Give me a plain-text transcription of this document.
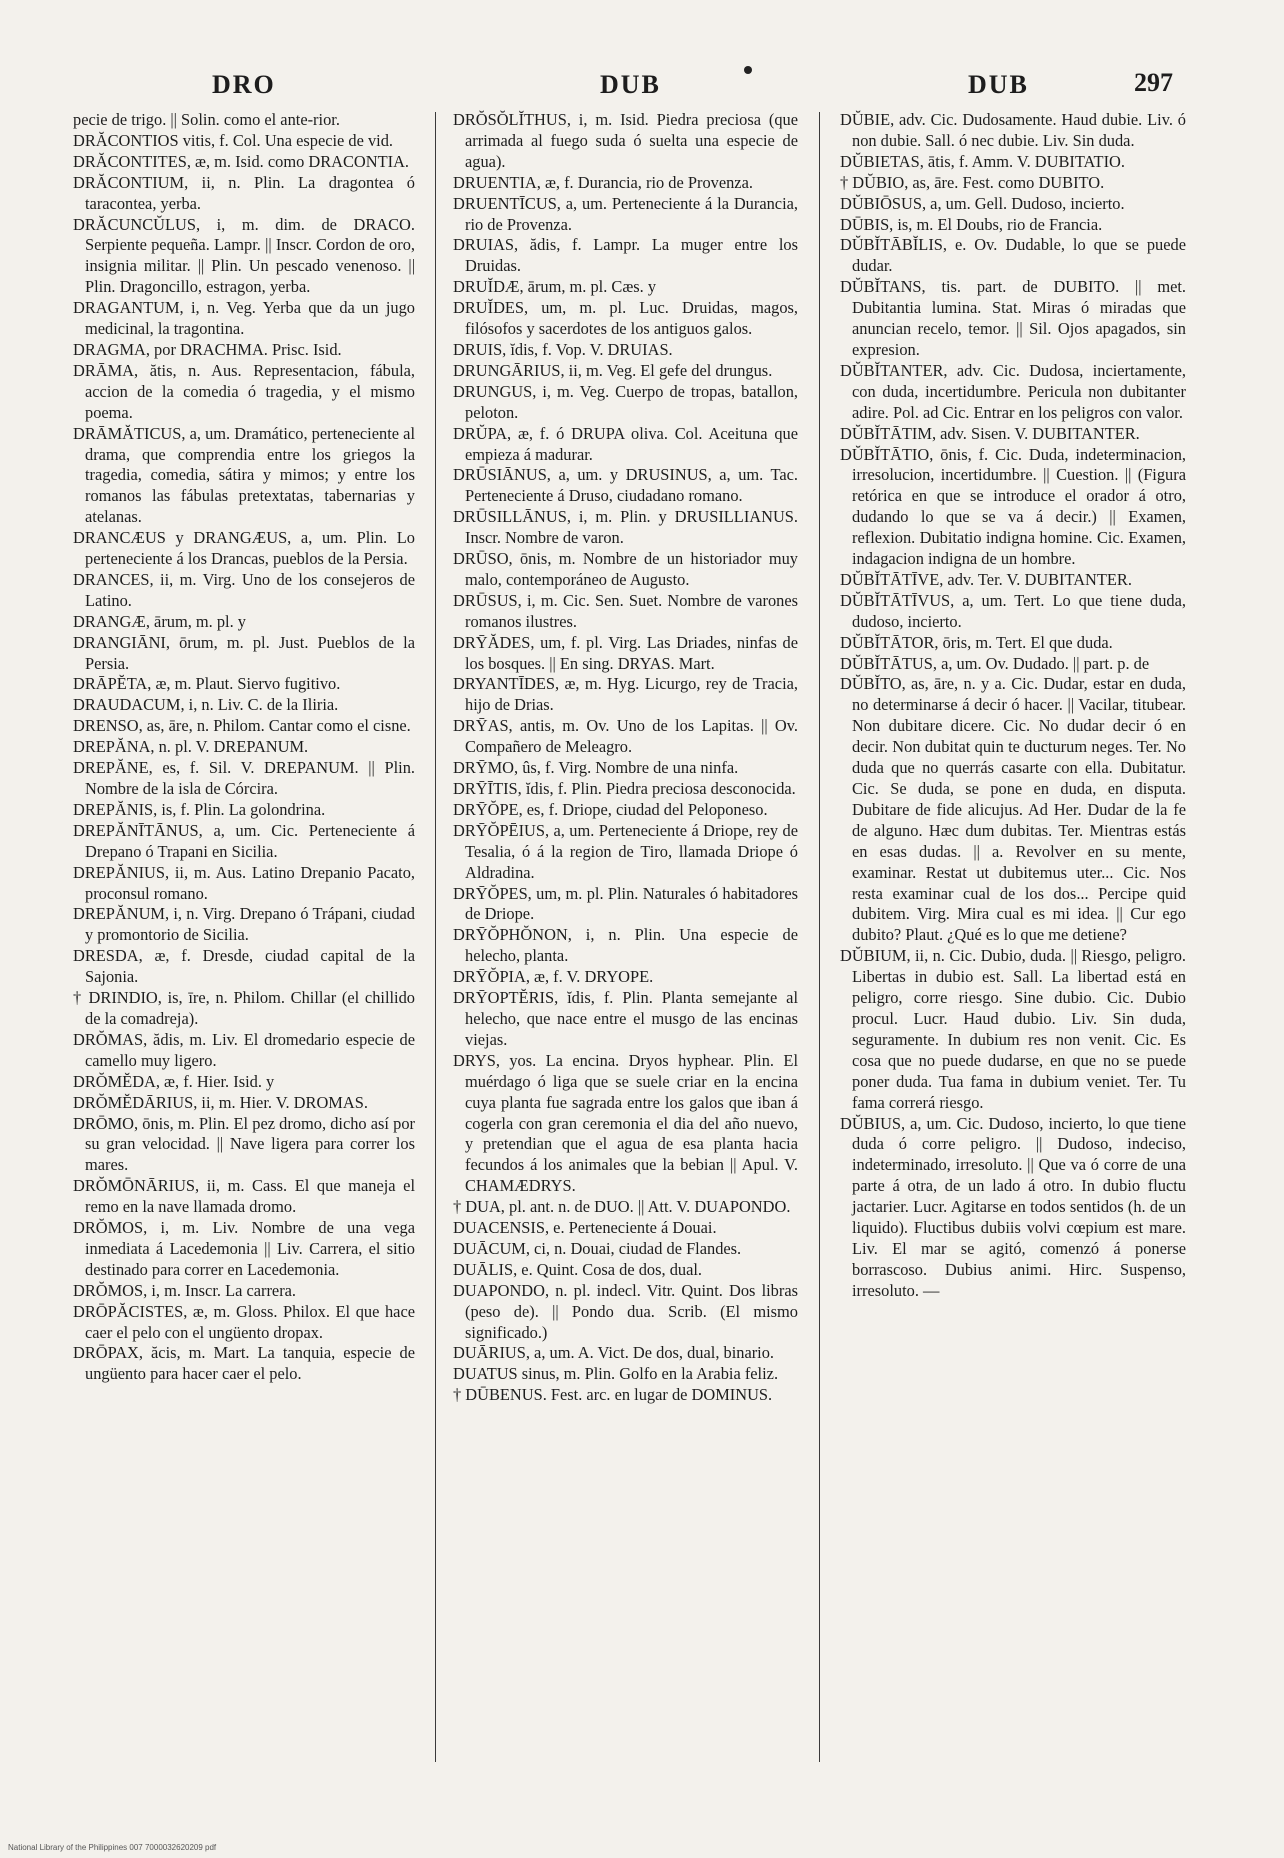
DRO	DUB	DUB	297

pecie de trigo. || Solin. como el ante-rior.

DRĂCONTIOS vitis, f. Col. Una especie de vid.

DRĂCONTITES, æ, m. Isid. como DRACONTIA.

DRĂCONTIUM, ii, n. Plin. La dragontea ó taracontea, yerba.

DRĂCUNCŬLUS, i, m. dim. de DRACO. Serpiente pequeña. Lampr. || Inscr. Cordon de oro, insignia militar. || Plin. Un pescado venenoso. || Plin. Dragoncillo, estragon, yerba.

DRAGANTUM, i, n. Veg. Yerba que da un jugo medicinal, la tragontina.

DRAGMA, por DRACHMA. Prisc. Isid.

DRĀMA, ătis, n. Aus. Representacion, fábula, accion de la comedia ó tragedia, y el mismo poema.

DRĀMĂTICUS, a, um. Dramático, perteneciente al drama, que comprendia entre los griegos la tragedia, comedia, sátira y mimos; y entre los romanos las fábulas pretextatas, tabernarias y atelanas.

DRANCÆUS y DRANGÆUS, a, um. Plin. Lo perteneciente á los Drancas, pueblos de la Persia.

DRANCES, ii, m. Virg. Uno de los consejeros de Latino.

DRANGÆ, ārum, m. pl. y

DRANGIĀNI, ōrum, m. pl. Just. Pueblos de la Persia.

DRĀPĔTA, æ, m. Plaut. Siervo fugitivo.

DRAUDACUM, i, n. Liv. C. de la Iliria.

DRENSO, as, āre, n. Philom. Cantar como el cisne.

DREPĂNA, n. pl. V. DREPANUM.

DREPĂNE, es, f. Sil. V. DREPANUM. || Plin. Nombre de la isla de Córcira.

DREPĂNIS, is, f. Plin. La golondrina.

DREPĂNĪTĀNUS, a, um. Cic. Perteneciente á Drepano ó Trapani en Sicilia.

DREPĂNIUS, ii, m. Aus. Latino Drepanio Pacato, proconsul romano.

DREPĂNUM, i, n. Virg. Drepano ó Trápani, ciudad y promontorio de Sicilia.

DRESDA, æ, f. Dresde, ciudad capital de la Sajonia.

† DRINDIO, is, īre, n. Philom. Chillar (el chillido de la comadreja).

DRŎMAS, ădis, m. Liv. El dromedario especie de camello muy ligero.

DRŎMĔDA, æ, f. Hier. Isid. y

DRŎMĔDĀRIUS, ii, m. Hier. V. DROMAS.

DRŌMO, ōnis, m. Plin. El pez dromo, dicho así por su gran velocidad. || Nave ligera para correr los mares.

DRŎMŌNĀRIUS, ii, m. Cass. El que maneja el remo en la nave llamada dromo.

DRŎMOS, i, m. Liv. Nombre de una vega inmediata á Lacedemonia || Liv. Carrera, el sitio destinado para correr en Lacedemonia.

DRŎMOS, i, m. Inscr. La carrera.

DRŌPĂCISTES, æ, m. Gloss. Philox. El que hace caer el pelo con el ungüento dropax.

DRŌPAX, ăcis, m. Mart. La tanquia, especie de ungüento para hacer caer el pelo.

DRŎSŎLĬTHUS, i, m. Isid. Piedra preciosa (que arrimada al fuego suda ó suelta una especie de agua).

DRUENTIA, æ, f. Durancia, rio de Provenza.

DRUENTĪCUS, a, um. Perteneciente á la Durancia, rio de Provenza.

DRUIAS, ădis, f. Lampr. La muger entre los Druidas.

DRUĬDÆ, ārum, m. pl. Cæs. y

DRUĬDES, um, m. pl. Luc. Druidas, magos, filósofos y sacerdotes de los antiguos galos.

DRUIS, ĭdis, f. Vop. V. DRUIAS.

DRUNGĀRIUS, ii, m. Veg. El gefe del drungus.

DRUNGUS, i, m. Veg. Cuerpo de tropas, batallon, peloton.

DRŬPA, æ, f. ó DRUPA oliva. Col. Aceituna que empieza á madurar.

DRŪSIĀNUS, a, um. y DRUSINUS, a, um. Tac. Perteneciente á Druso, ciudadano romano.

DRŪSILLĀNUS, i, m. Plin. y DRUSILLIANUS. Inscr. Nombre de varon.

DRŪSO, ōnis, m. Nombre de un historiador muy malo, contemporáneo de Augusto.

DRŪSUS, i, m. Cic. Sen. Suet. Nombre de varones romanos ilustres.

DRȲĂDES, um, f. pl. Virg. Las Driades, ninfas de los bosques. || En sing. DRYAS. Mart.

DRYANTĪDES, æ, m. Hyg. Licurgo, rey de Tracia, hijo de Drias.

DRȲAS, antis, m. Ov. Uno de los Lapitas. || Ov. Compañero de Meleagro.

DRȲMO, ûs, f. Virg. Nombre de una ninfa.

DRȲĪTIS, ĭdis, f. Plin. Piedra preciosa desconocida.

DRȲŎPE, es, f. Driope, ciudad del Peloponeso.

DRȲŎPĒIUS, a, um. Perteneciente á Driope, rey de Tesalia, ó á la region de Tiro, llamada Driope ó Aldradina.

DRȲŎPES, um, m. pl. Plin. Naturales ó habitadores de Driope.

DRȲŎPHŎNON, i, n. Plin. Una especie de helecho, planta.

DRȲŎPIA, æ, f. V. DRYOPE.

DRȲOPTĔRIS, ĭdis, f. Plin. Planta semejante al helecho, que nace entre el musgo de las encinas viejas.

DRYS, yos. La encina. Dryos hyphear. Plin. El muérdago ó liga que se suele criar en la encina cuya planta fue sagrada entre los galos que iban á cogerla con gran ceremonia el dia del año nuevo, y pretendian que el agua de esa planta hacia fecundos á los animales que la bebian || Apul. V. CHAMÆDRYS.

† DUA, pl. ant. n. de DUO. || Att. V. DUAPONDO.

DUACENSIS, e. Perteneciente á Douai.

DUĀCUM, ci, n. Douai, ciudad de Flandes.

DUĀLIS, e. Quint. Cosa de dos, dual.

DUAPONDO, n. pl. indecl. Vitr. Quint. Dos libras (peso de). || Pondo dua. Scrib. (El mismo significado.)

DUĀRIUS, a, um. A. Vict. De dos, dual, binario.

DUATUS sinus, m. Plin. Golfo en la Arabia feliz.

† DŪBENUS. Fest. arc. en lugar de DOMINUS.

DŬBIE, adv. Cic. Dudosamente. Haud dubie. Liv. ó non dubie. Sall. ó nec dubie. Liv. Sin duda.

DŬBIETAS, ātis, f. Amm. V. DUBITATIO.

† DŬBIO, as, āre. Fest. como DUBITO.

DŬBIŌSUS, a, um. Gell. Dudoso, incierto.

DŪBIS, is, m. El Doubs, rio de Francia.

DŬBĬTĀBĬLIS, e. Ov. Dudable, lo que se puede dudar.

DŬBĬTANS, tis. part. de DUBITO. || met. Dubitantia lumina. Stat. Miras ó miradas que anuncian recelo, temor. || Sil. Ojos apagados, sin expresion.

DŬBĬTANTER, adv. Cic. Dudosa, inciertamente, con duda, incertidumbre. Pericula non dubitanter adire. Pol. ad Cic. Entrar en los peligros con valor.

DŬBĬTĀTIM, adv. Sisen. V. DUBITANTER.

DŬBĬTĀTIO, ōnis, f. Cic. Duda, indeterminacion, irresolucion, incertidumbre. || Cuestion. || (Figura retórica en que se introduce el orador á otro, dudando lo que se va á decir.) || Examen, reflexion. Dubitatio indigna homine. Cic. Examen, indagacion indigna de un hombre.

DŬBĬTĀTĪVE, adv. Ter. V. DUBITANTER.

DŬBĬTĀTĪVUS, a, um. Tert. Lo que tiene duda, dudoso, incierto.

DŬBĬTĀTOR, ōris, m. Tert. El que duda.

DŬBĬTĀTUS, a, um. Ov. Dudado. || part. p. de

DŬBĬTO, as, āre, n. y a. Cic. Dudar, estar en duda, no determinarse á decir ó hacer. || Vacilar, titubear. Non dubitare dicere. Cic. No dudar decir ó en decir. Non dubitat quin te ducturum neges. Ter. No duda que no querrás casarte con ella. Dubitatur. Cic. Se duda, se pone en duda, en disputa. Dubitare de fide alicujus. Ad Her. Dudar de la fe de alguno. Hæc dum dubitas. Ter. Mientras estás en esas dudas. || a. Revolver en su mente, examinar. Restat ut dubitemus uter... Cic. Nos resta examinar cual de los dos... Percipe quid dubitem. Virg. Mira cual es mi idea. || Cur ego dubito? Plaut. ¿Qué es lo que me detiene?

DŬBIUM, ii, n. Cic. Dubio, duda. || Riesgo, peligro. Libertas in dubio est. Sall. La libertad está en peligro, corre riesgo. Sine dubio. Cic. Dubio procul. Lucr. Haud dubio. Liv. Sin duda, seguramente. In dubium res non venit. Cic. Es cosa que no puede dudarse, en que no se puede poner duda. Tua fama in dubium veniet. Ter. Tu fama correrá riesgo.

DŬBIUS, a, um. Cic. Dudoso, incierto, lo que tiene duda ó corre peligro. || Dudoso, indeciso, indeterminado, irresoluto. || Que va ó corre de una parte á otra, de un lado á otro. In dubio fluctu jactarier. Lucr. Agitarse en todos sentidos (h. de un liquido). Fluctibus dubiis volvi cœpium est mare. Liv. El mar se agitó, comenzó á ponerse borrascoso. Dubius animi. Hirc. Suspenso, irresoluto. —

National Library of the Philippines 007 7000032620209 pdf
